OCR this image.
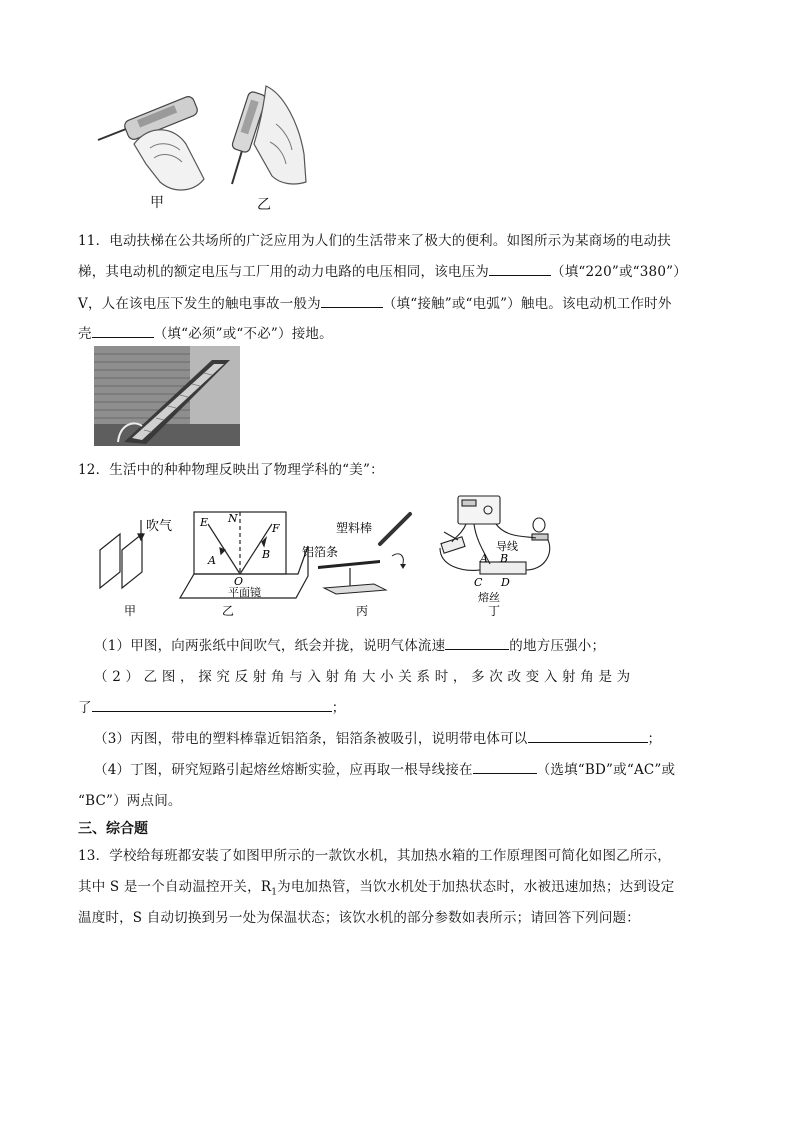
甲	乙
11．电动扶梯在公共场所的广泛应用为人们的生活带来了极大的便利。如图所示为某商场的电动扶
梯，其电动机的额定电压与工厂用的动力电路的电压相同，该电压为	（填“220”或“380”）
V，人在该电压下发生的触电事故一般为	（填“接触”或“电弧”）触电。该电动机工作时外
壳	（填“必须”或“不必”）接地。
12．生活中的种种物理反映出了物理学科的“美”：
吹气
甲
E N
F
A	B
O
平面镜
乙
塑料棒
铝箔条
丙
导线
A B
C D
熔丝
丁
（1）甲图，向两张纸中间吹气，纸会并拢，说明气体流速	的地方压强小；
（ 2 ） 乙 图 ， 探 究 反 射 角 与 入 射 角 大 小 关 系 时 ， 多 次 改 变 入 射 角 是 为
了	；
（3）丙图，带电的塑料棒靠近铝箔条，铝箔条被吸引，说明带电体可以	；
（4）丁图，研究短路引起熔丝熔断实验，应再取一根导线接在	（选填“BD”或“AC”或
“BC”）两点间。
三、综合题
13．学校给每班都安装了如图甲所示的一款饮水机，其加热水箱的工作原理图可简化如图乙所示，
其中 S 是一个自动温控开关，$R_1$为电加热管，当饮水机处于加热状态时，水被迅速加热；达到设定
温度时，S 自动切换到另一处为保温状态；该饮水机的部分参数如表所示；请回答下列问题：
